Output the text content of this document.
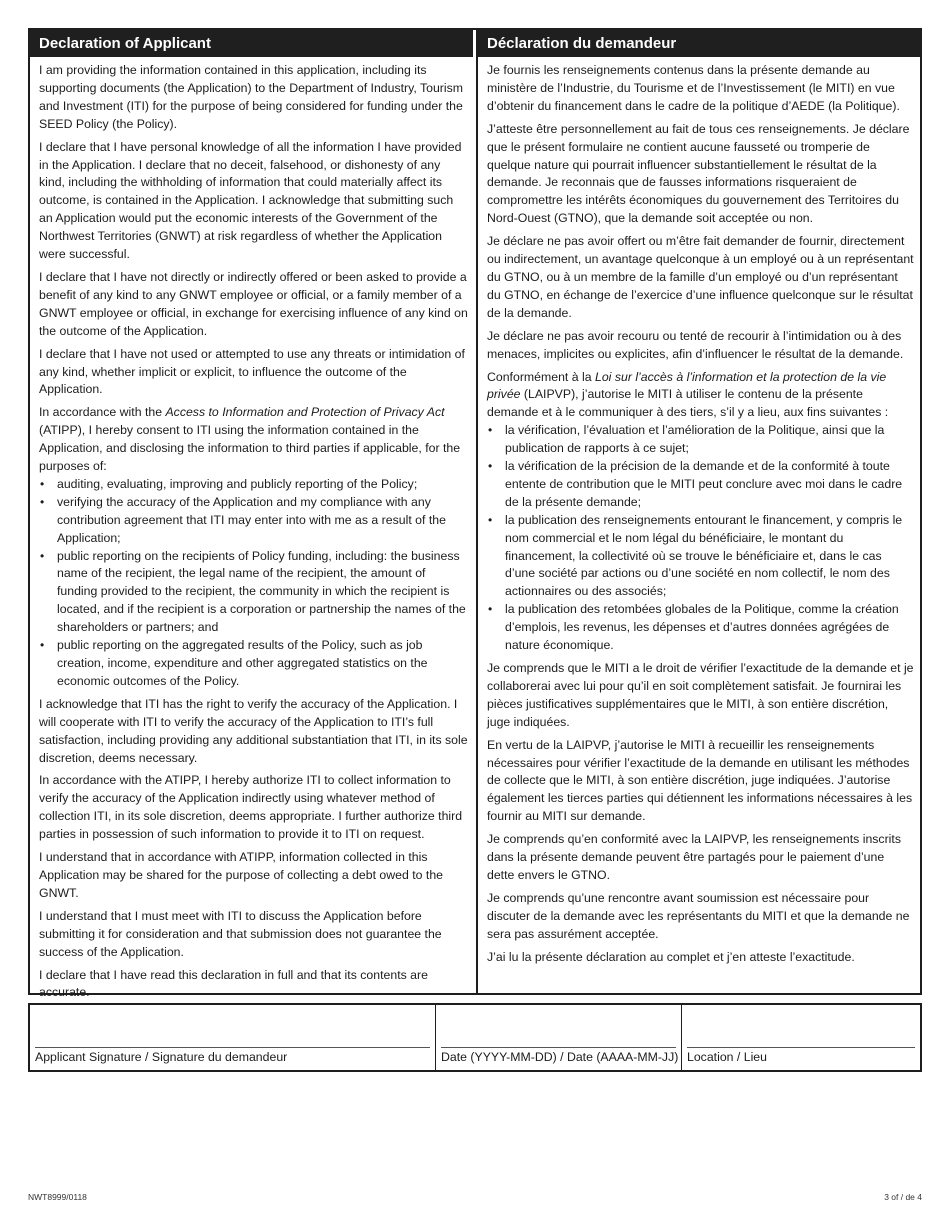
Declaration of Applicant

I am providing the information contained in this application, including its supporting documents (the Application) to the Department of Industry, Tourism and Investment (ITI) for the purpose of being considered for funding under the SEED Policy (the Policy).

I declare that I have personal knowledge of all the information I have provided in the Application. I declare that no deceit, falsehood, or dishonesty of any kind, including the withholding of information that could materially affect its outcome, is contained in the Application. I acknowledge that submitting such an Application would put the economic interests of the Government of the Northwest Territories (GNWT) at risk regardless of whether the Application were successful.

I declare that I have not directly or indirectly offered or been asked to provide a benefit of any kind to any GNWT employee or official, or a family member of a GNWT employee or official, in exchange for exercising influence of any kind on the outcome of the Application.

I declare that I have not used or attempted to use any threats or intimidation of any kind, whether implicit or explicit, to influence the outcome of the Application.

In accordance with the Access to Information and Protection of Privacy Act (ATIPP), I hereby consent to ITI using the information contained in the Application, and disclosing the information to third parties if applicable, for the purposes of:

• auditing, evaluating, improving and publicly reporting of the Policy;
• verifying the accuracy of the Application and my compliance with any contribution agreement that ITI may enter into with me as a result of the Application;
• public reporting on the recipients of Policy funding, including: the business name of the recipient, the legal name of the recipient, the amount of funding provided to the recipient, the community in which the recipient is located, and if the recipient is a corporation or partnership the names of the shareholders or partners; and
• public reporting on the aggregated results of the Policy, such as job creation, income, expenditure and other aggregated statistics on the economic outcomes of the Policy.

I acknowledge that ITI has the right to verify the accuracy of the Application. I will cooperate with ITI to verify the accuracy of the Application to ITI’s full satisfaction, including providing any additional substantiation that ITI, in its sole discretion, deems necessary.

In accordance with the ATIPP, I hereby authorize ITI to collect information to verify the accuracy of the Application indirectly using whatever method of collection ITI, in its sole discretion, deems appropriate. I further authorize third parties in possession of such information to provide it to ITI on request.

I understand that in accordance with ATIPP, information collected in this Application may be shared for the purpose of collecting a debt owed to the GNWT.

I understand that I must meet with ITI to discuss the Application before submitting it for consideration and that submission does not guarantee the success of the Application.

I declare that I have read this declaration in full and that its contents are accurate.

Déclaration du demandeur

Je fournis les renseignements contenus dans la présente demande au ministère de l’Industrie, du Tourisme et de l’Investissement (le MITI) en vue d’obtenir du financement dans le cadre de la politique d’AEDE (la Politique).

J’atteste être personnellement au fait de tous ces renseignements. Je déclare que le présent formulaire ne contient aucune fausseté ou tromperie de quelque nature qui pourrait influencer substantiellement le résultat de la demande. Je reconnais que de fausses informations risqueraient de compromettre les intérêts économiques du gouvernement des Territoires du Nord-Ouest (GTNO), que la demande soit acceptée ou non.

Je déclare ne pas avoir offert ou m’être fait demander de fournir, directement ou indirectement, un avantage quelconque à un employé ou à un représentant du GTNO, ou à un membre de la famille d’un employé ou d’un représentant du GTNO, en échange de l’exercice d’une influence quelconque sur le résultat de la demande.

Je déclare ne pas avoir recouru ou tenté de recourir à l’intimidation ou à des menaces, implicites ou explicites, afin d’influencer le résultat de la demande.

Conformément à la Loi sur l’accès à l’information et la protection de la vie privée (LAIPVP), j’autorise le MITI à utiliser le contenu de la présente demande et à le communiquer à des tiers, s’il y a lieu, aux fins suivantes :

• la vérification, l’évaluation et l’amélioration de la Politique, ainsi que la publication de rapports à ce sujet;
• la vérification de la précision de la demande et de la conformité à toute entente de contribution que le MITI peut conclure avec moi dans le cadre de la présente demande;
• la publication des renseignements entourant le financement, y compris le nom commercial et le nom légal du bénéficiaire, le montant du financement, la collectivité où se trouve le bénéficiaire et, dans le cas d’une société par actions ou d’une société en nom collectif, le nom des actionnaires ou des associés;
• la publication des retombées globales de la Politique, comme la création d’emplois, les revenus, les dépenses et d’autres données agrégées de nature économique.

Je comprends que le MITI a le droit de vérifier l’exactitude de la demande et je collaborerai avec lui pour qu’il en soit complètement satisfait. Je fournirai les pièces justificatives supplémentaires que le MITI, à son entière discrétion, juge indiquées.

En vertu de la LAIPVP, j’autorise le MITI à recueillir les renseignements nécessaires pour vérifier l’exactitude de la demande en utilisant les méthodes de collecte que le MITI, à son entière discrétion, juge indiquées. J’autorise également les tierces parties qui détiennent les informations nécessaires à les fournir au MITI sur demande.

Je comprends qu’en conformité avec la LAIPVP, les renseignements inscrits dans la présente demande peuvent être partagés pour le paiement d’une dette envers le GTNO.

Je comprends qu’une rencontre avant soumission est nécessaire pour discuter de la demande avec les représentants du MITI et que la demande ne sera pas assurément acceptée.

J’ai lu la présente déclaration au complet et j’en atteste l’exactitude.

Applicant Signature / Signature du demandeur	Date (YYYY-MM-DD) / Date (AAAA-MM-JJ) Location / Lieu
NWT8999/0118	3 of / de 4
